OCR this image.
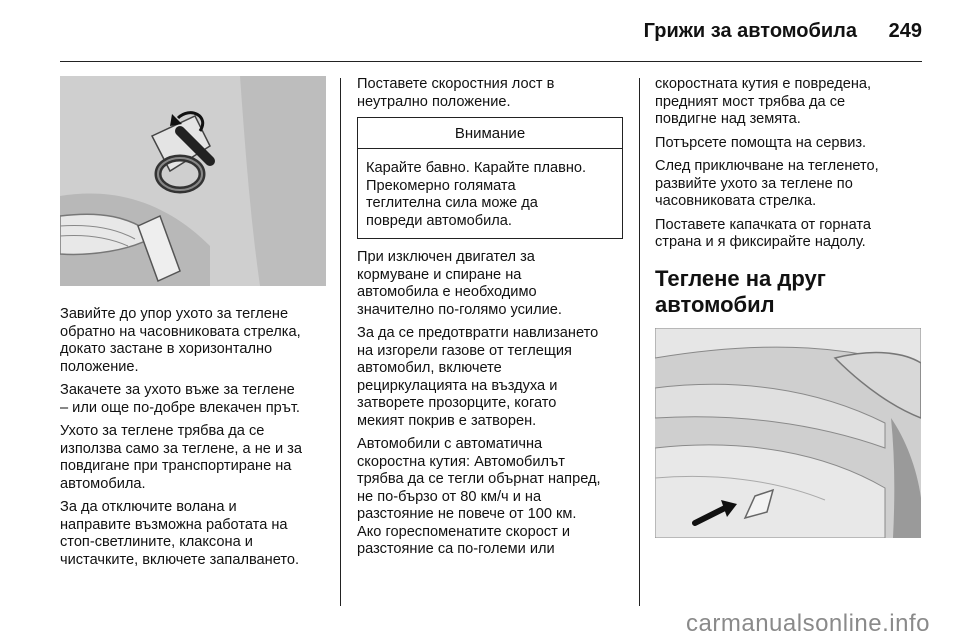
Грижи за автомобила 249

Завийте до упор ухото за теглене
обратно на часовниковата стрелка,
докато застане в хоризонтално
положение.

Закачете за ухото въже за теглене
– или още по-добре влекачен прът.

Ухото за теглене трябва да се
използва само за теглене, а не и за
повдигане при транспортиране на
автомобила.

За да отключите волана и
направите възможна работата на
стоп-светлините, клаксона и
чистачките, включете запалването.

Поставете скоростния лост в
неутрално положение.

Внимание
Карайте бавно. Карайте плавно.
Прекомерно голямата
теглителна сила може да
повреди автомобила.

При изключен двигател за
кормуване и спиране на
автомобила е необходимо
значително по-голямо усилие.

За да се предотвратги навлизането
на изгорели газове от теглещия
автомобил, включете
рециркулацията на въздуха и
затворете прозорците, когато
мекият покрив е затворен.

Автомобили с автоматична
скоростна кутия: Автомобилът
трябва да се тегли обърнат напред,
не по-бързо от 80 км/ч и на
разстояние не повече от 100 км.
Ако гореспоменатите скорост и
разстояние са по-големи или

скоростната кутия е повредена,
предният мост трябва да се
повдигне над земята.

Потърсете помощта на сервиз.

След приключване на тегленето,
развийте ухото за теглене по
часовниковата стрелка.

Поставете капачката от горната
страна и я фиксирайте надолу.

Теглене на друг
автомобил
carmanualsonline.info
